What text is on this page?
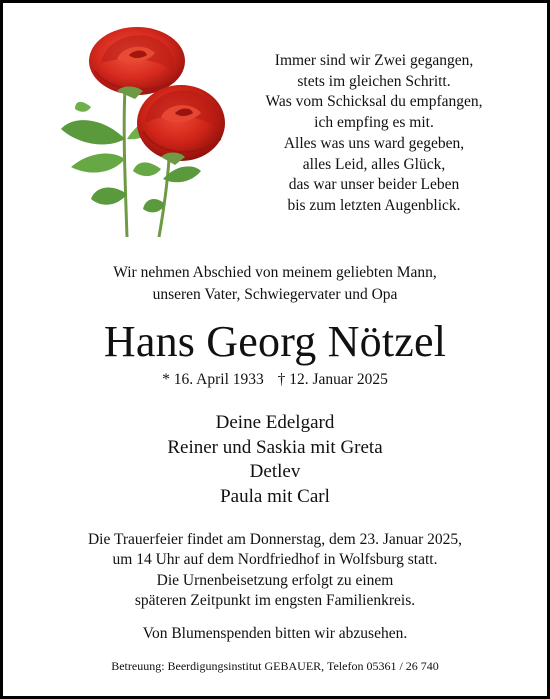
Immer sind wir Zwei gegangen,
stets im gleichen Schritt.
Was vom Schicksal du empfangen,
ich empfing es mit.
Alles was uns ward gegeben,
alles Leid, alles Glück,
das war unser beider Leben
bis zum letzten Augenblick.
Wir nehmen Abschied von meinem geliebten Mann,
unseren Vater, Schwiegervater und Opa
Hans Georg Nötzel
* 16. April 1933 † 12. Januar 2025
Deine Edelgard
Reiner und Saskia mit Greta
Detlev
Paula mit Carl
Die Trauerfeier findet am Donnerstag, dem 23. Januar 2025,
um 14 Uhr auf dem Nordfriedhof in Wolfsburg statt.
Die Urnenbeisetzung erfolgt zu einem
späteren Zeitpunkt im engsten Familienkreis.
Von Blumenspenden bitten wir abzusehen.
Betreuung: Beerdigungsinstitut GEBAUER, Telefon 05361 / 26 740
